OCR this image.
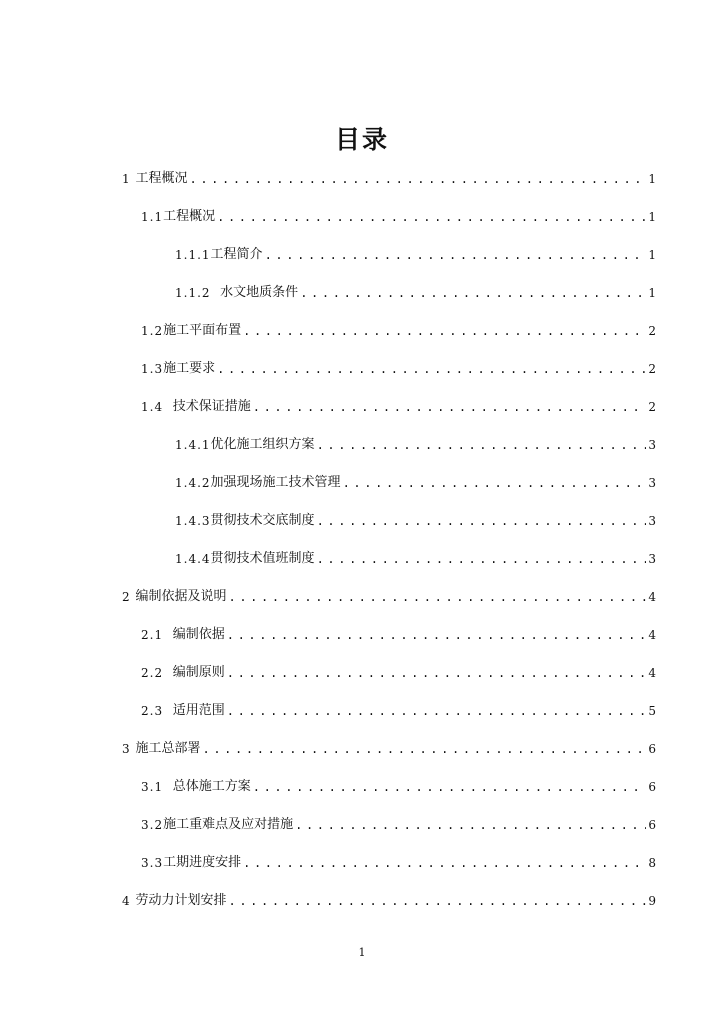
目录
1 工程概况 . . .	1
1.1 工程概况 . . .	1
1.1.1 工程简介 . . .	1
1.1.2 水文地质条件 . . .	1
1.2 施工平面布置 . . .	2
1.3 施工要求 . . .	2
1.4 技术保证措施 . . .	2
1.4.1 优化施工组织方案 . . .	3
1.4.2 加强现场施工技术管理 . . .	3
1.4.3 贯彻技术交底制度 . . .	3
1.4.4 贯彻技术值班制度 . . .	3
2 编制依据及说明 . . .	4
2.1 编制依据 . . .	4
2.2 编制原则 . . .	4
2.3 适用范围 . . .	5
3 施工总部署 . . .	6
3.1 总体施工方案 . . .	6
3.2 施工重难点及应对措施 . . .	6
3.3 工期进度安排 . . .	8
4 劳动力计划安排 . . .	9
1
